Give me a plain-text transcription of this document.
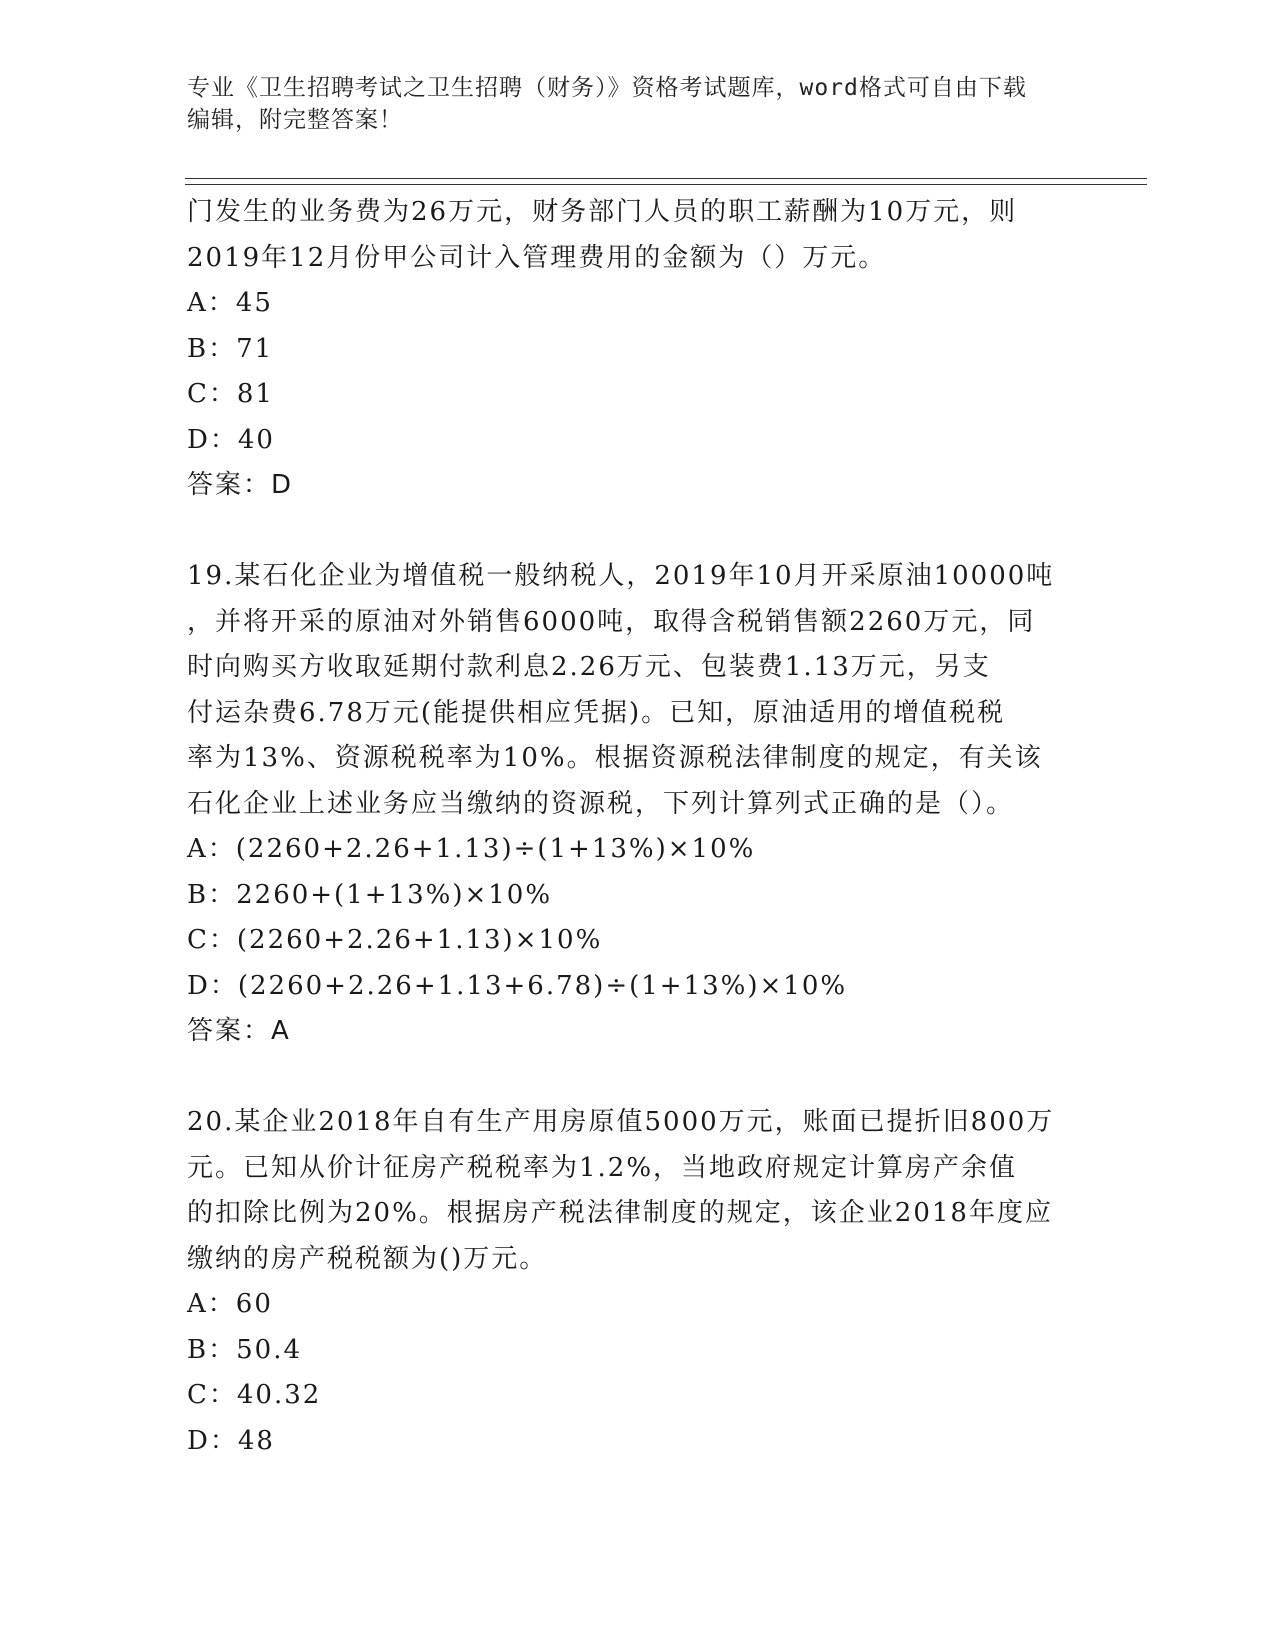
专业《卫生招聘考试之卫生招聘（财务）》资格考试题库，word格式可自由下载
编辑，附完整答案！
门发生的业务费为26万元，财务部门人员的职工薪酬为10万元，则
2019年12月份甲公司计入管理费用的金额为（）万元。
A：45
B：71
C：81
D：40
答案：D
19.某石化企业为增值税一般纳税人，2019年10月开采原油10000吨
，并将开采的原油对外销售6000吨，取得含税销售额2260万元，同
时向购买方收取延期付款利息2.26万元、包装费1.13万元，另支
付运杂费6.78万元(能提供相应凭据)。已知，原油适用的增值税税
率为13%、资源税税率为10%。根据资源税法律制度的规定，有关该
石化企业上述业务应当缴纳的资源税，下列计算列式正确的是（）。
A：(2260+2.26+1.13)÷(1+13%)×10%
B：2260+(1+13%)×10%
C：(2260+2.26+1.13)×10%
D：(2260+2.26+1.13+6.78)÷(1+13%)×10%
答案：A
20.某企业2018年自有生产用房原值5000万元，账面已提折旧800万
元。已知从价计征房产税税率为1.2%，当地政府规定计算房产余值
的扣除比例为20%。根据房产税法律制度的规定，该企业2018年度应
缴纳的房产税税额为()万元。
A：60
B：50.4
C：40.32
D：48
